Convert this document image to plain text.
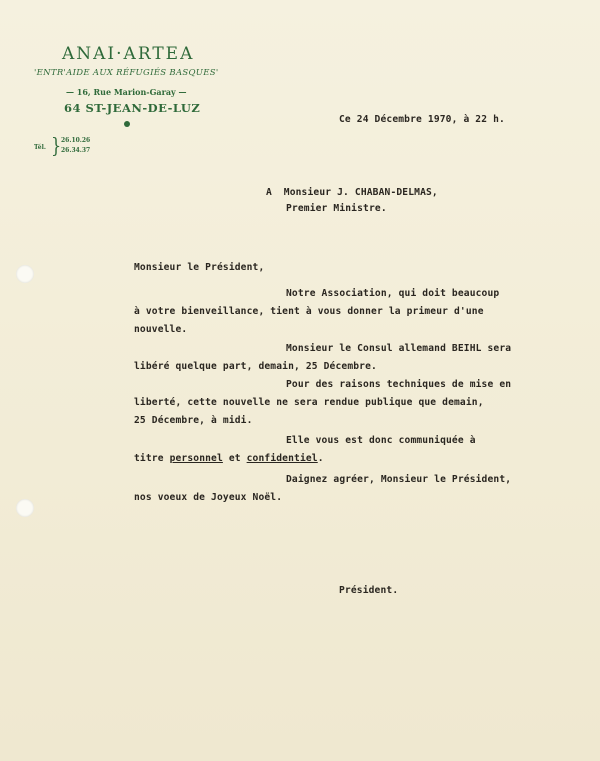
ANAI·ARTEA
'ENTR'AIDE AUX RÉFUGIÉS BASQUES'
— 16, Rue Marion-Garay —
64 ST-JEAN-DE-LUZ
Tél. } 26.10.26
26.34.37
Ce 24 Décembre 1970, à 22 h.
A  Monsieur J. CHABAN-DELMAS,
Premier Ministre.
Monsieur le Président,
Notre Association, qui doit beaucoup
à votre bienveillance, tient à vous donner la primeur d'une
nouvelle.
Monsieur le Consul allemand BEIHL sera
libéré quelque part, demain, 25 Décembre.
Pour des raisons techniques de mise en
liberté, cette nouvelle ne sera rendue publique que demain,
25 Décembre, à midi.
Elle vous est donc communiquée à
titre personnel et confidentiel.
Daignez agréer, Monsieur le Président,
nos voeux de Joyeux Noël.
Président.
